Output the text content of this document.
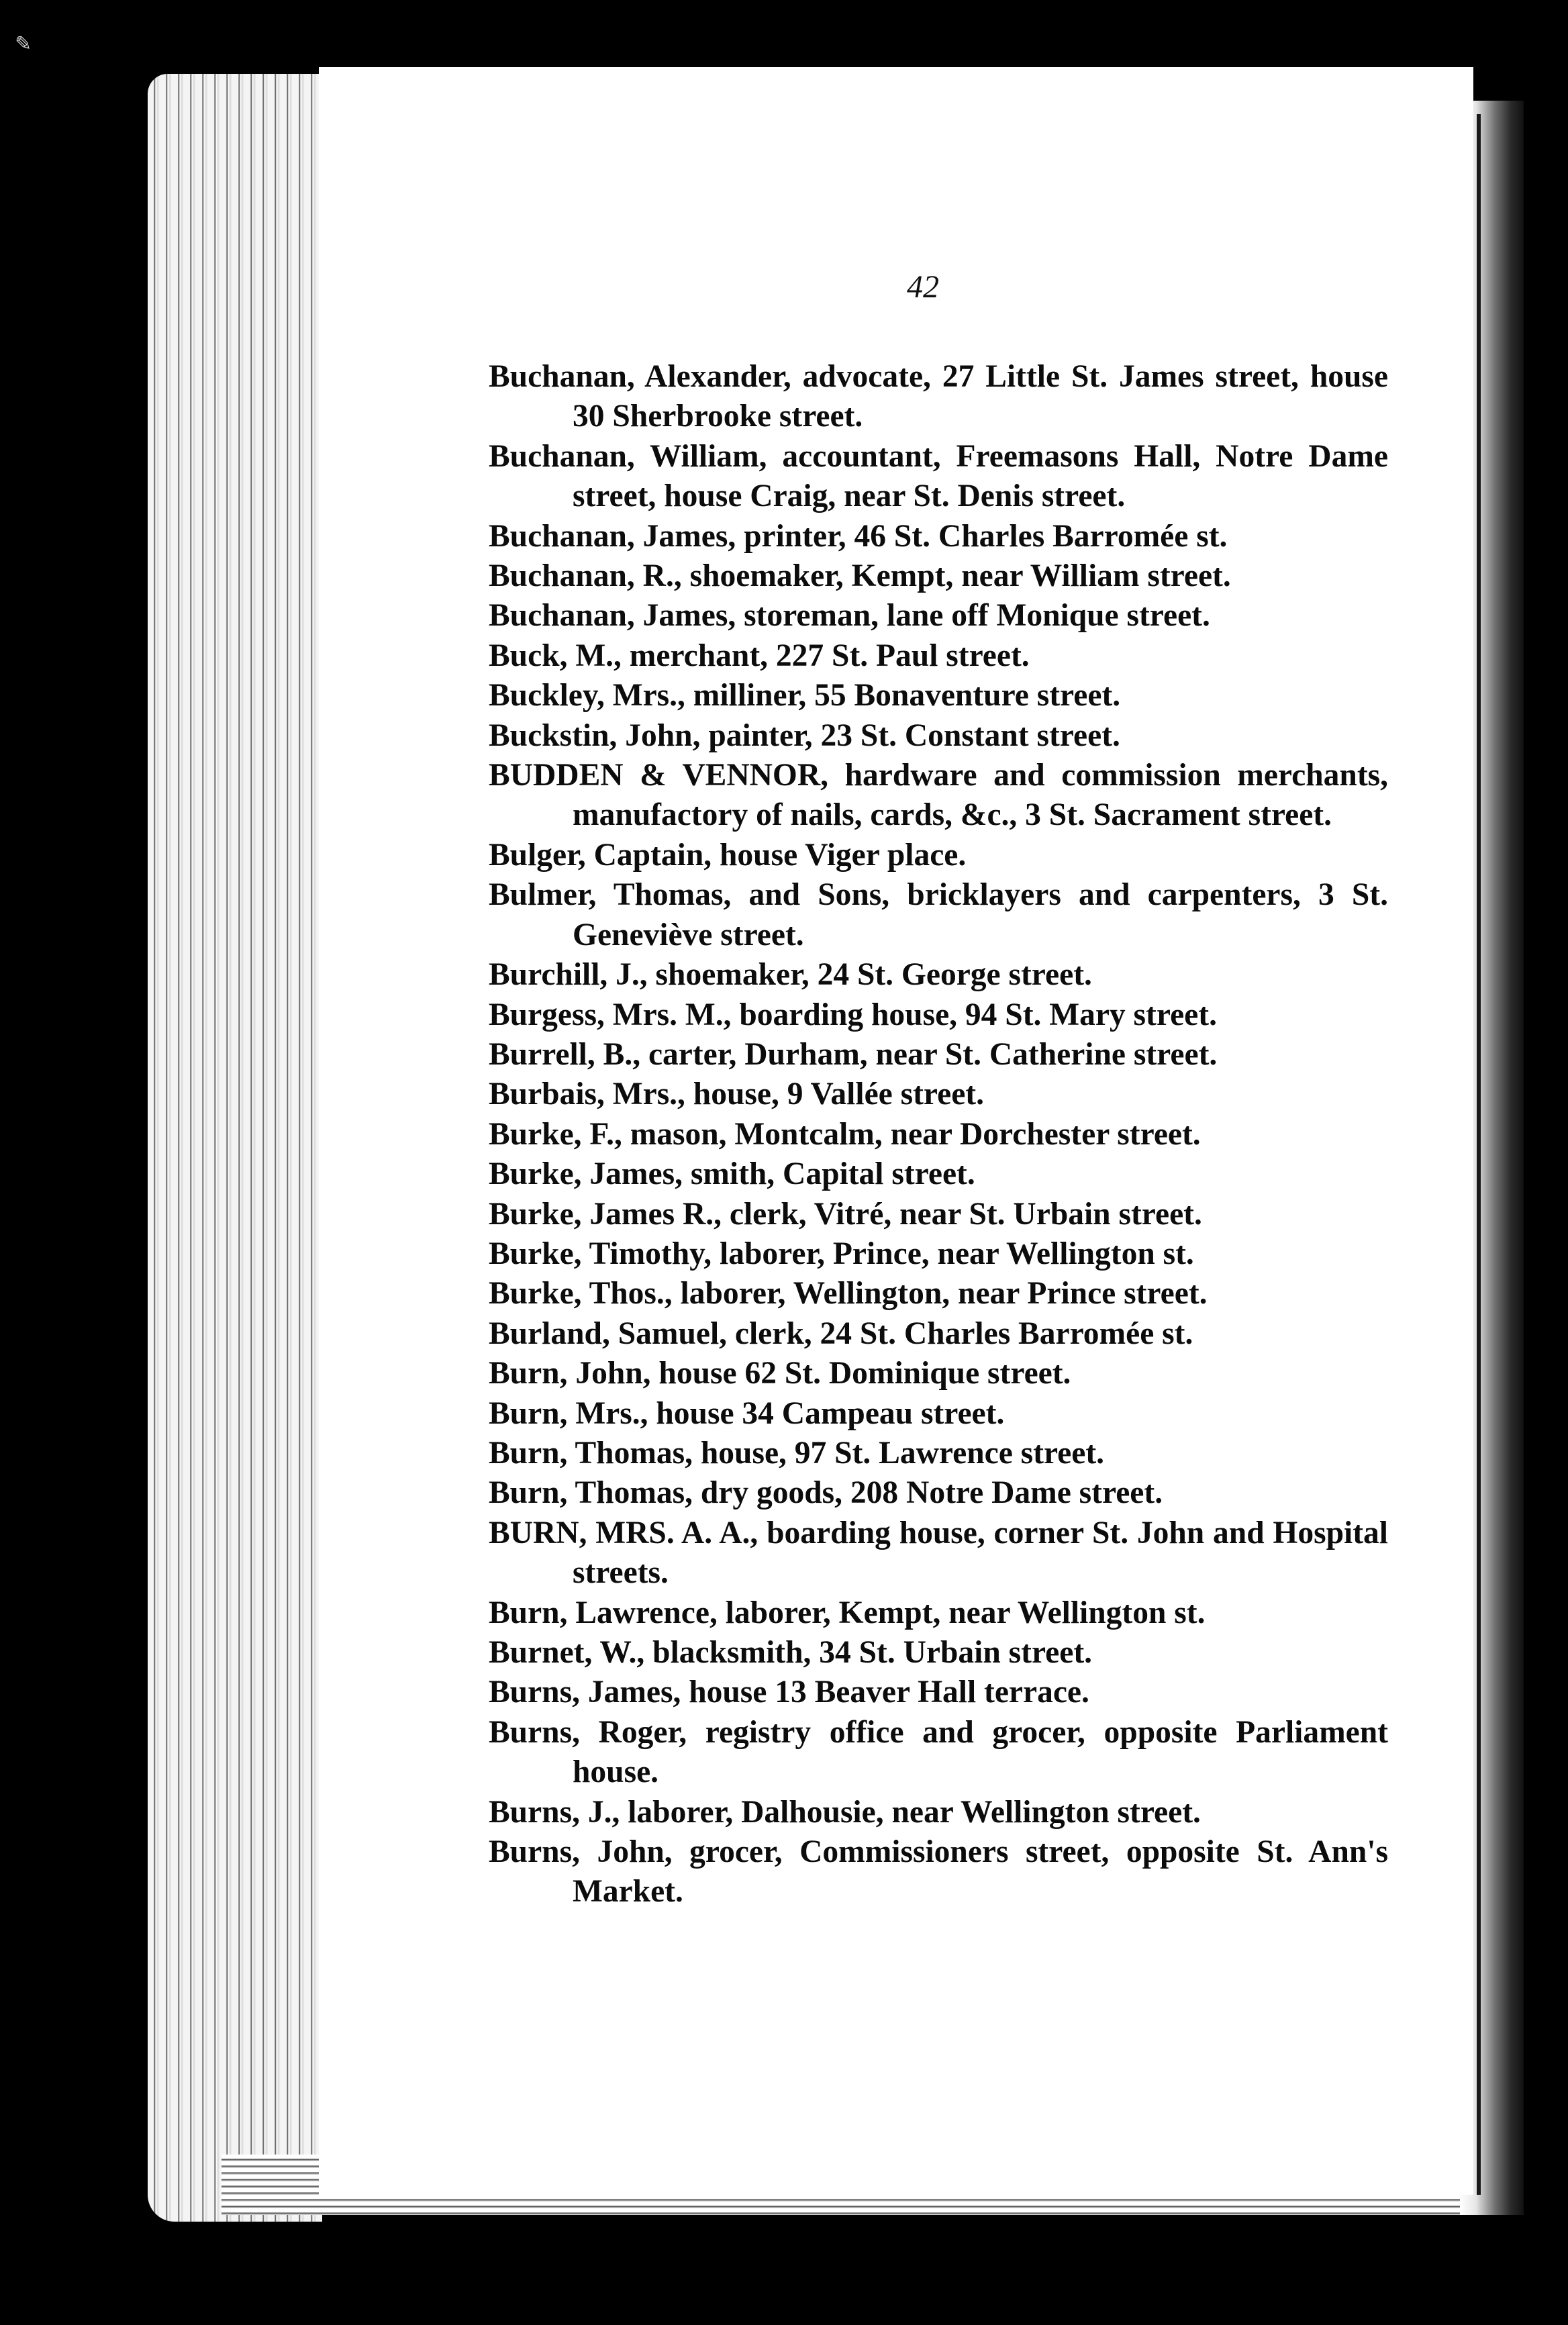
✎
42
Buchanan, Alexander, advocate, 27 Little St. James street, house 30 Sherbrooke street.
Buchanan, William, accountant, Freemasons Hall, Notre Dame street, house Craig, near St. Denis street.
Buchanan, James, printer, 46 St. Charles Barromée st.
Buchanan, R., shoemaker, Kempt, near William street.
Buchanan, James, storeman, lane off Monique street.
Buck, M., merchant, 227 St. Paul street.
Buckley, Mrs., milliner, 55 Bonaventure street.
Buckstin, John, painter, 23 St. Constant street.
BUDDEN & VENNOR, hardware and commission merchants, manufactory of nails, cards, &c., 3 St. Sacrament street.
Bulger, Captain, house Viger place.
Bulmer, Thomas, and Sons, bricklayers and carpenters, 3 St. Geneviève street.
Burchill, J., shoemaker, 24 St. George street.
Burgess, Mrs. M., boarding house, 94 St. Mary street.
Burrell, B., carter, Durham, near St. Catherine street.
Burbais, Mrs., house, 9 Vallée street.
Burke, F., mason, Montcalm, near Dorchester street.
Burke, James, smith, Capital street.
Burke, James R., clerk, Vitré, near St. Urbain street.
Burke, Timothy, laborer, Prince, near Wellington st.
Burke, Thos., laborer, Wellington, near Prince street.
Burland, Samuel, clerk, 24 St. Charles Barromée st.
Burn, John, house 62 St. Dominique street.
Burn, Mrs., house 34 Campeau street.
Burn, Thomas, house, 97 St. Lawrence street.
Burn, Thomas, dry goods, 208 Notre Dame street.
BURN, MRS. A. A., boarding house, corner St. John and Hospital streets.
Burn, Lawrence, laborer, Kempt, near Wellington st.
Burnet, W., blacksmith, 34 St. Urbain street.
Burns, James, house 13 Beaver Hall terrace.
Burns, Roger, registry office and grocer, opposite Parliament house.
Burns, J., laborer, Dalhousie, near Wellington street.
Burns, John, grocer, Commissioners street, opposite St. Ann's Market.
